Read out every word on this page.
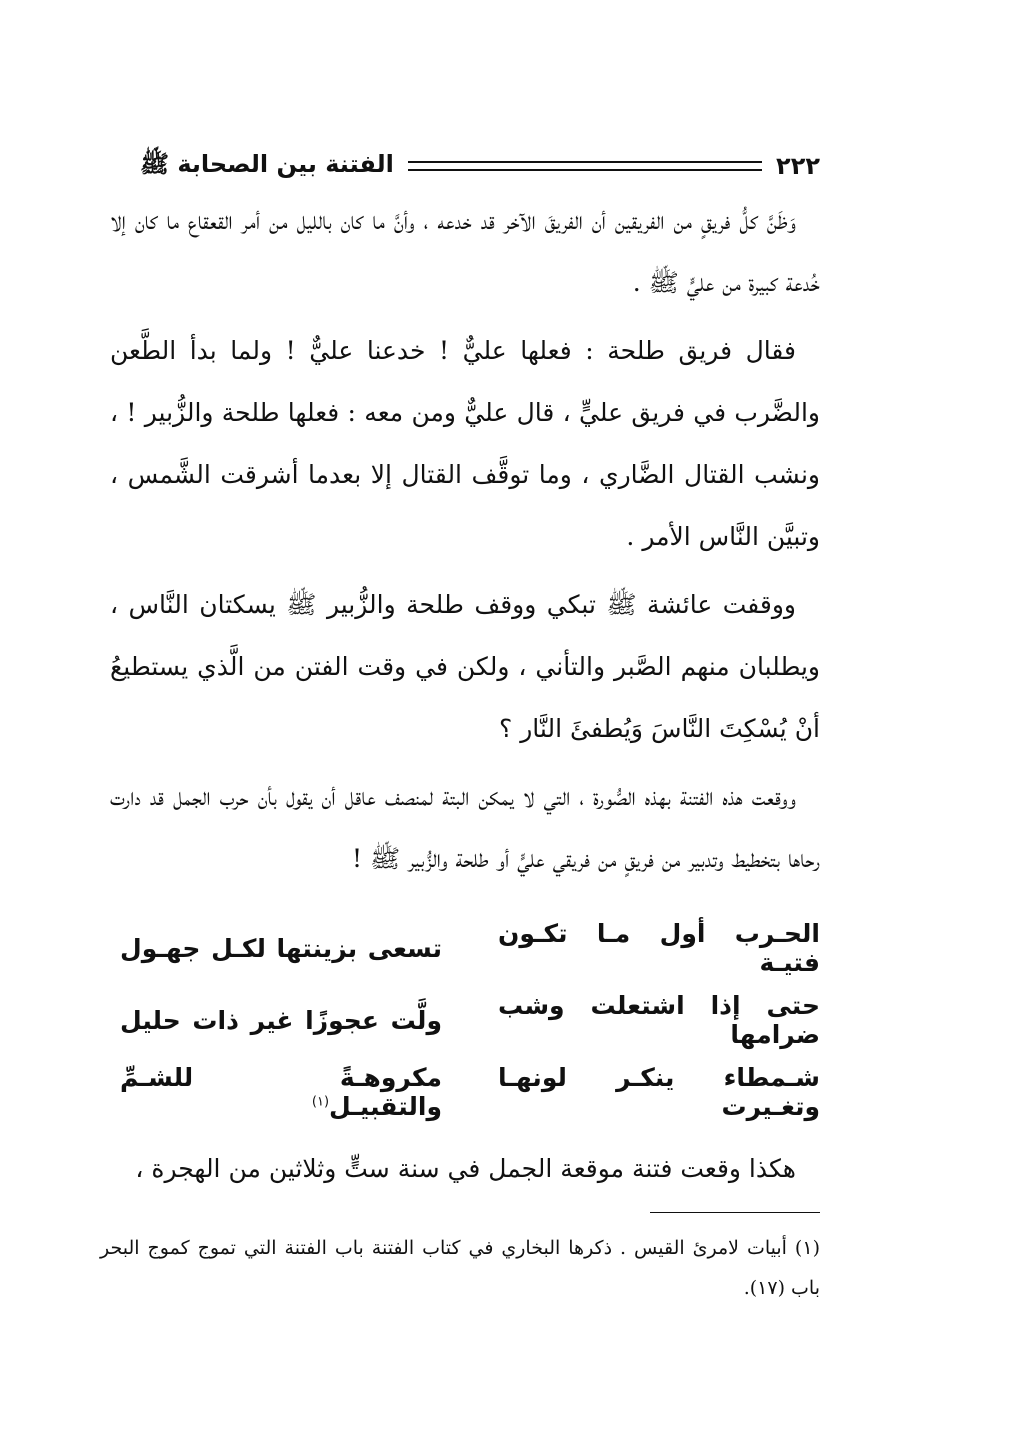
٢٢٢
الفتنة بين الصحابة ﷺ

وَظَنَّ كلُّ فريقٍ من الفريقين أن الفريقَ الآخر قد خدعه ، وأنَّ ما كان بالليل من أمر القعقاع ما كان إلا خُدعة كبيرة من عليٍّ ﷺ .

فقال فريق طلحة : فعلها عليٌّ ! خدعنا عليٌّ ! ولما بدأ الطَّعن والضَّرب في فريق عليٍّ ، قال عليٌّ ومن معه : فعلها طلحة والزُّبير ! ، ونشب القتال الضَّاري ، وما توقَّف القتال إلا بعدما أشرقت الشَّمس ، وتبيَّن النَّاس الأمر .

ووقفت عائشة ﷺ تبكي ووقف طلحة والزُّبير ﷺ يسكتان النَّاس ، ويطلبان منهم الصَّبر والتأني ، ولكن في وقت الفتن من الَّذي يستطيعُ أنْ يُسْكِتَ النَّاسَ وَيُطفئَ النَّار ؟

ووقعت هذه الفتنة بهذه الصُّورة ، التي لا يمكن البتة لمنصف عاقل أن يقول بأن حرب الجمل قد دارت رحاها بتخطيط وتدبير من فريقٍ من فريقي عليٍّ أو طلحة والزُّبير ﷺ !

الحـرب أول مـا تكـون فتيـة
تسعى بزينتها لكـل جهـول
حتى إذا اشتعلت وشب ضرامها
ولَّت عجوزًا غير ذات حليل
شـمطاء ينكـر لونهـا وتغـيرت
مكروهـةً للشـمِّ والتقبيـل$^{(١)}$

هكذا وقعت فتنة موقعة الجمل في سنة ستٍّ وثلاثين من الهجرة ،

(١) أبيات لامرئ القيس . ذكرها البخاري في كتاب الفتنة باب الفتنة التي تموج كموج البحر باب (١٧).
